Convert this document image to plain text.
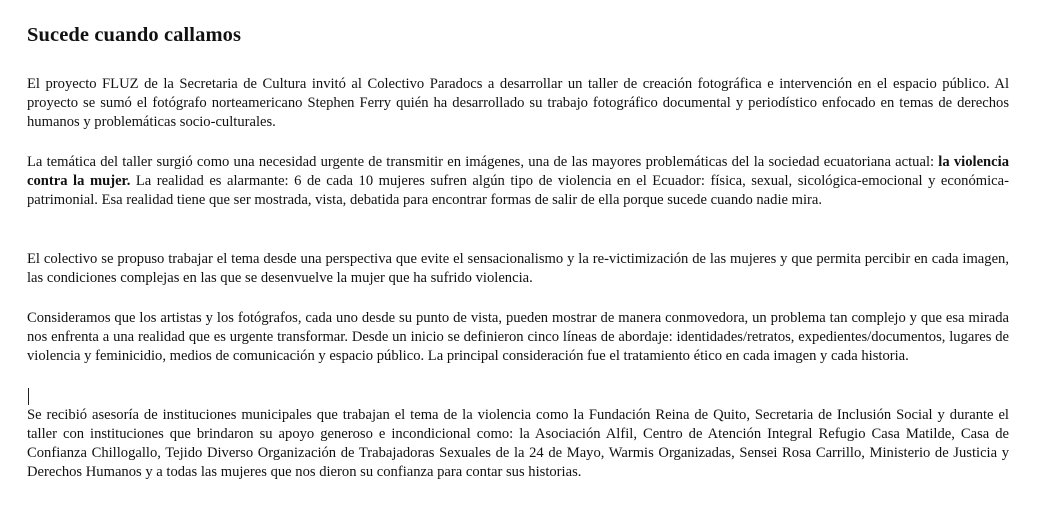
Sucede cuando callamos

El proyecto FLUZ de la Secretaria de Cultura invitó al Colectivo Paradocs a desarrollar un taller de creación fotográfica e intervención en el espacio público. Al proyecto se sumó el fotógrafo norteamericano Stephen Ferry quién ha desarrollado su trabajo fotográfico documental y periodístico enfocado en temas de derechos humanos y problemáticas socio-culturales.

La temática del taller surgió como una necesidad urgente de transmitir en imágenes, una de las mayores problemáticas del la sociedad ecuatoriana actual: la violencia contra la mujer. La realidad es alarmante: 6 de cada 10 mujeres sufren algún tipo de violencia en el Ecuador: física, sexual, sicológica-emocional y económica-patrimonial. Esa realidad tiene que ser mostrada, vista, debatida para encontrar formas de salir de ella porque sucede cuando nadie mira.

El colectivo se propuso trabajar el tema desde una perspectiva que evite el sensacionalismo y la re-victimización de las mujeres y que permita percibir en cada imagen, las condiciones complejas en las que se desenvuelve la mujer que ha sufrido violencia.

Consideramos que los artistas y los fotógrafos, cada uno desde su punto de vista, pueden mostrar de manera conmovedora, un problema tan complejo y que esa mirada nos enfrenta a una realidad que es urgente transformar. Desde un inicio se definieron cinco líneas de abordaje: identidades/retratos, expedientes/documentos, lugares de violencia y feminicidio, medios de comunicación y espacio público. La principal consideración fue el tratamiento ético en cada imagen y cada historia.

Se recibió asesoría de instituciones municipales que trabajan el tema de la violencia como la Fundación Reina de Quito, Secretaria de Inclusión Social y durante el taller con instituciones que brindaron su apoyo generoso e incondicional como: la Asociación Alfil, Centro de Atención Integral Refugio Casa Matilde, Casa de Confianza Chillogallo, Tejido Diverso Organización de Trabajadoras Sexuales de la 24 de Mayo, Warmis Organizadas, Sensei Rosa Carrillo, Ministerio de Justicia y Derechos Humanos y a todas las mujeres que nos dieron su confianza para contar sus historias.
